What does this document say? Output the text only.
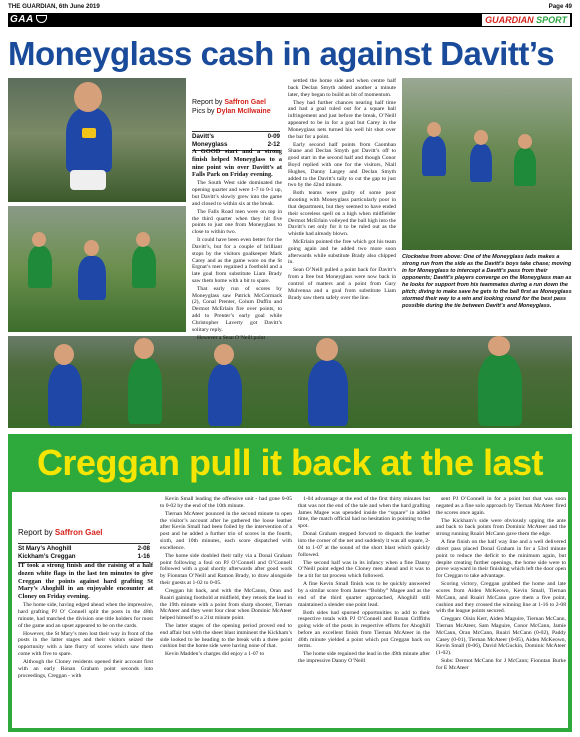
THE GUARDIAN, 6th June 2019	Page 49
GAA	GUARDIAN SPORT
Moneyglass cash in against Davitt’s
Report by Saffron Gael
Pics by Dylan McIlwaine
Davitt’s	0-09
Moneyglass	2-12

A GOOD start and a strong finish helped Moneyglass to a nine point win over Davitt’s at Falls Park on Friday evening.

The South West side dominated the opening quarter and were 1-7 to 0-1 up, but Davitt’s slowly grew into the game and closed to within six at the break.

The Falls Road men were on top in the third quarter when they hit five points to just one from Moneyglass to close to within two.

It could have been even better for the Davitt’s, but for a couple of brilliant stops by the visitors goalkeeper Mark Carey and as the game wore on the St Ergnat’s men regained a foothold and a late goal from substitute Liam Brady saw them home with a bit to spare.

That early run of scores by Moneyglass saw Patrick McCormack (2), Conal Prenter, Colum Duffin and Dermot McErlain fire over points, to add to Prenter’s early goal while Christopher Laverty got Davitt’s solitary reply.

However a Sean O’Neill point

settled the home side and when centre half back Declan Smyth added another a minute later, they began to build as bit of momentum.

They had further chances nearing half time and had a goal ruled out for a square ball infringement and just before the break, O’Neill appeared to be in for a goal but Carey in the Moneyglass nets turned his well hit shot over the bar for a point.

Early second half points from Caomhan Shane and Declan Smyth got Davitt’s off to good start in the second half and though Conor Boyd replied with one for the visitors, Niall Hughes, Danny Largey and Declan Smyth added to the Davitt’s tally to cut the gap to just two by the 42nd minute.

Both teams were guilty of some poor shooting with Moneyglass particularly poor in that department, but they seemed to have ended their scoreless spell on a high when midfielder Dermot McErlain volleyed the ball high into the Davitt’s net only for it to be ruled out as the whistle had already blown.

McErlain pointed the free which got his team going again and he added two more soon afterwards while substitute Brady also chipped in.

Sean O’Neill pulled a point back for Davitt’s from a free but Moneyglass were now back in control of matters and a point from Gary Mulvenna and a goal from substitute Liam Brady saw them safely over the line.

Clockwise from above: One of the Moneyglass lads makes a strong run from the side as the Davitt’s boys take chase; moving in for Moneyglass to intercept a Davitt’s pass from their opponents; Davitt’s players converge on the Moneyglass man as he looks for support from his teammates during a run down the pitch; diving to make save he gets to the ball first as Moneyglass stormed their way to a win and looking round for the best pass possible during the tie between Davitt’s and Moneyglass.
Creggan pull it back at the last
Report by Saffron Gael
St Mary’s Ahoghill	2-08
Kickham’s Creggan	1-16

IT took a strong finish and the raising of a half dozen white flags in the last ten minutes to give Creggan the points against hard grafting St Mary’s Ahoghill in an enjoyable encounter at Cloney on Friday evening.

The home side, having edged ahead when the impressive, hard grafting PJ O’ Connell split the posts in the 48th minute, had matched the division one title holders for most of the game and an upset appeared to be on the cards.

However, the St Mary’s men lost their way in front of the posts in the latter stages and their visitors seized the opportunity with a late flurry of scores which saw them come with five to spare.

Although the Cloney residents opened their account first with an early Ronan Graham point seconds into proceedings, Creggan - with

Kevin Small leading the offensive unit - had gone 0-05 to 0-02 by the end of the 10th minute.

Tiernan McAteer pounced in the second minute to open the visitor’s account after he gathered the loose leather after Kevin Small had been foiled by the intervention of a post and he added a further trio of scores in the fourth, sixth, and 10th minutes, each score dispatched with excellence.

The home side doubled their tally via a Donal Graham point following a foul on PJ O’Connell and O’Connell followed with a goal shortly afterwards after good work by Fionntan O’Neill and Ramon Brady, to draw alongside their guests at 1-02 to 0-05.

Creggan hit back, and with the McCanns, Oran and Ruairi gaining foothold at midfield, they retook the lead in the 19th minute with a point from sharp shooter, Tiernan McAteer and they went four clear when Dominic McAteer helped himself to a 21st minute point.

The latter stages of the opening period proved end to end affair but with the sheet blast imminent the Kickham’s side looked to be heading to the break with a three point cushion but the home side were having none of that.

Kevin Madden’s charges did enjoy a 1-07 to

1-04 advantage at the end of the first thirty minutes but that was not the end of the tale and when the hard grafting James Magee was upended inside the “square” in added time, the match official had no hesitation in pointing to the spot.

Donal Graham stepped forward to dispatch the leather into the corner of the net and suddenly it was all square, 2-04 to 1-07 at the sound of the short blast which quickly followed.

The second half was in its infancy when a fine Danny O’Neill point edged the Cloney men ahead and it was to be a tit for tat process which followed.

A fine Kevin Small finish was to be quickly answered by a similar score from James “Bobby” Magee and as the end of the third quarter approached, Ahoghill still maintained a slender one point lead.

Both sides had spurned opportunities to add to their respective totals with PJ O’Connell and Ronan Griffiths going wide of the posts in respective efforts for Ahoghill before an excellent finish from Tiernan McAteer in the 46th minute yielded a point which put Creggan back on terms.

The home side regained the lead in the 49th minute after the impressive Danny O’Neill

sent PJ O’Connell in for a point but that was soon negated as a fine solo approach by Tiernan McAteer fired the scores once again.

The Kickham’s side were obviously upping the ante and back to back points from Dominic McAteer and the strong running Ruairi McCann gave them the edge.

A fine finish on the half way line and a well delivered direct pass placed Donal Graham in for a 53rd minute point to reduce the deficit to the minimum again, but despite creating further openings, the home side were to prove wayward in their finishing which left the door open for Creggan to take advantage.

Scoring victory, Creggan grabbed the home and late scores from Aiden McKeown, Kevin Small, Tiernan McCann, and Ruairi McCann gave them a five point, cushion and they crossed the winning line at 1-16 to 2-08 with the league points secured.

Creggan: Oisin Kerr, Aiden Maguire, Tiernan McCann, Tiernan McAteer, Sam Maguire, Conor McCann, Jamie McCann, Oran McCann, Ruairi McCann (0-02), Paddy Casey (0-01), Tiernan McAteer (0-05), Aiden McKeown, Kevin Small (0-06), David McGuckin, Dominic McAteer (1-02).

Subs: Dermot McCann for J McCann; Fionntan Burke for E McAteer
